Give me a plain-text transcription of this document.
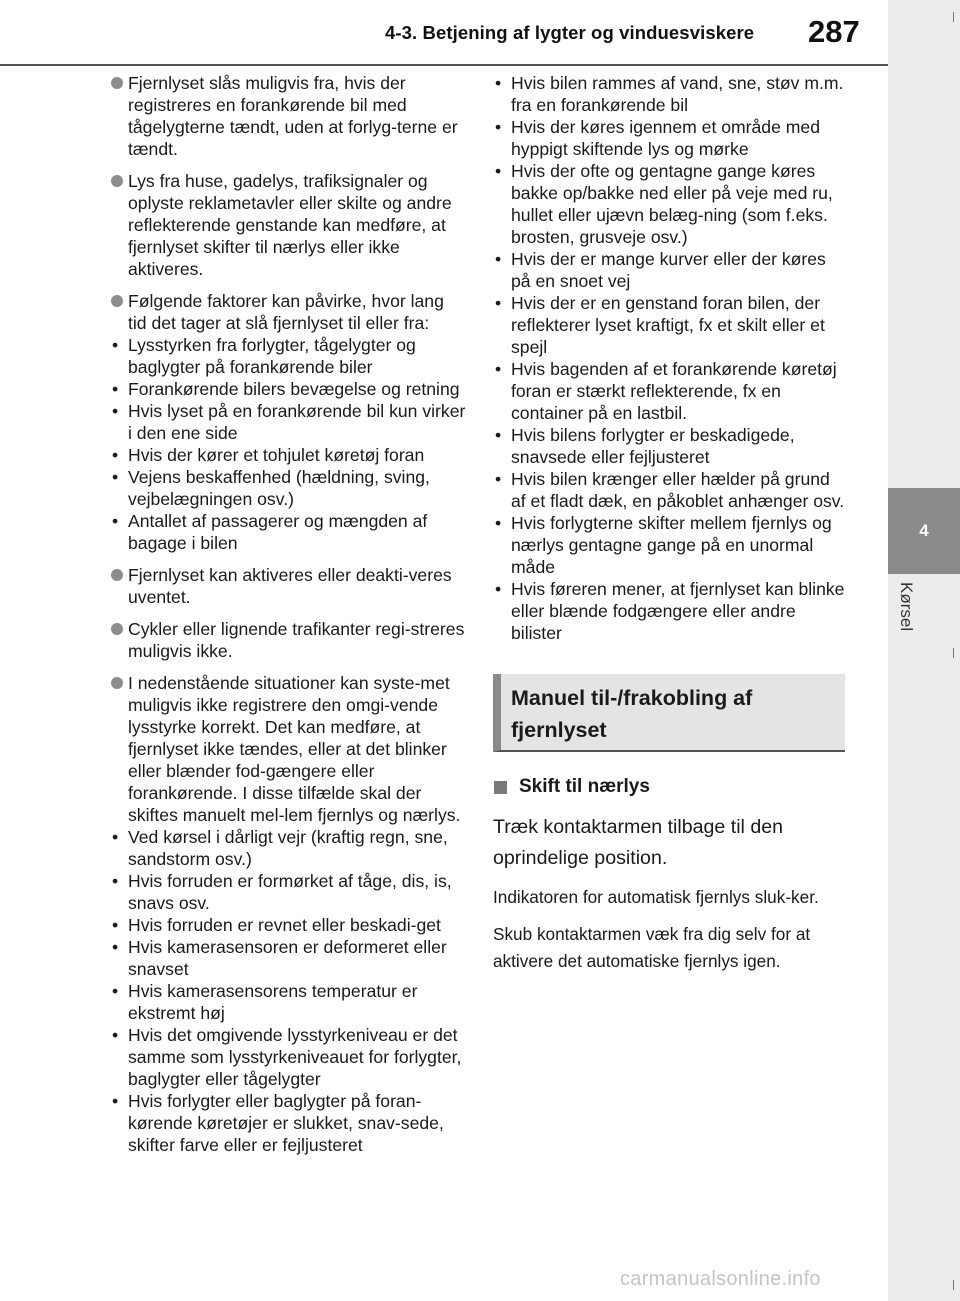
4-3. Betjening af lygter og vinduesviskere 287
4
Kørsel
Fjernlyset slås muligvis fra, hvis der registreres en forankørende bil med tågelygterne tændt, uden at forlyg-terne er tændt.
Lys fra huse, gadelys, trafiksignaler og oplyste reklametavler eller skilte og andre reflekterende genstande kan medføre, at fjernlyset skifter til nærlys eller ikke aktiveres.
Følgende faktorer kan påvirke, hvor lang tid det tager at slå fjernlyset til eller fra:
• Lysstyrken fra forlygter, tågelygter og baglygter på forankørende biler
• Forankørende bilers bevægelse og retning
• Hvis lyset på en forankørende bil kun virker i den ene side
• Hvis der kører et tohjulet køretøj foran
• Vejens beskaffenhed (hældning, sving, vejbelægningen osv.)
• Antallet af passagerer og mængden af bagage i bilen
Fjernlyset kan aktiveres eller deakti-veres uventet.
Cykler eller lignende trafikanter regi-streres muligvis ikke.
I nedenstående situationer kan syste-met muligvis ikke registrere den omgi-vende lysstyrke korrekt. Det kan medføre, at fjernlyset ikke tændes, eller at det blinker eller blænder fod-gængere eller forankørende. I disse tilfælde skal der skiftes manuelt mel-lem fjernlys og nærlys.
• Ved kørsel i dårligt vejr (kraftig regn, sne, sandstorm osv.)
• Hvis forruden er formørket af tåge, dis, is, snavs osv.
• Hvis forruden er revnet eller beskadi-get
• Hvis kamerasensoren er deformeret eller snavset
• Hvis kamerasensorens temperatur er ekstremt høj
• Hvis det omgivende lysstyrkeniveau er det samme som lysstyrkeniveauet for forlygter, baglygter eller tågelygter
• Hvis forlygter eller baglygter på foran-kørende køretøjer er slukket, snav-sede, skifter farve eller er fejljusteret
• Hvis bilen rammes af vand, sne, støv m.m. fra en forankørende bil
• Hvis der køres igennem et område med hyppigt skiftende lys og mørke
• Hvis der ofte og gentagne gange køres bakke op/bakke ned eller på veje med ru, hullet eller ujævn belæg-ning (som f.eks. brosten, grusveje osv.)
• Hvis der er mange kurver eller der køres på en snoet vej
• Hvis der er en genstand foran bilen, der reflekterer lyset kraftigt, fx et skilt eller et spejl
• Hvis bagenden af et forankørende køretøj foran er stærkt reflekterende, fx en container på en lastbil.
• Hvis bilens forlygter er beskadigede, snavsede eller fejljusteret
• Hvis bilen krænger eller hælder på grund af et fladt dæk, en påkoblet anhænger osv.
• Hvis forlygterne skifter mellem fjernlys og nærlys gentagne gange på en unormal måde
• Hvis føreren mener, at fjernlyset kan blinke eller blænde fodgængere eller andre bilister
Manuel til-/frakobling af
fjernlyset
Skift til nærlys
Træk kontaktarmen tilbage til den oprindelige position.
Indikatoren for automatisk fjernlys sluk-ker.
Skub kontaktarmen væk fra dig selv for at aktivere det automatiske fjernlys igen.
carmanualsonline.info
